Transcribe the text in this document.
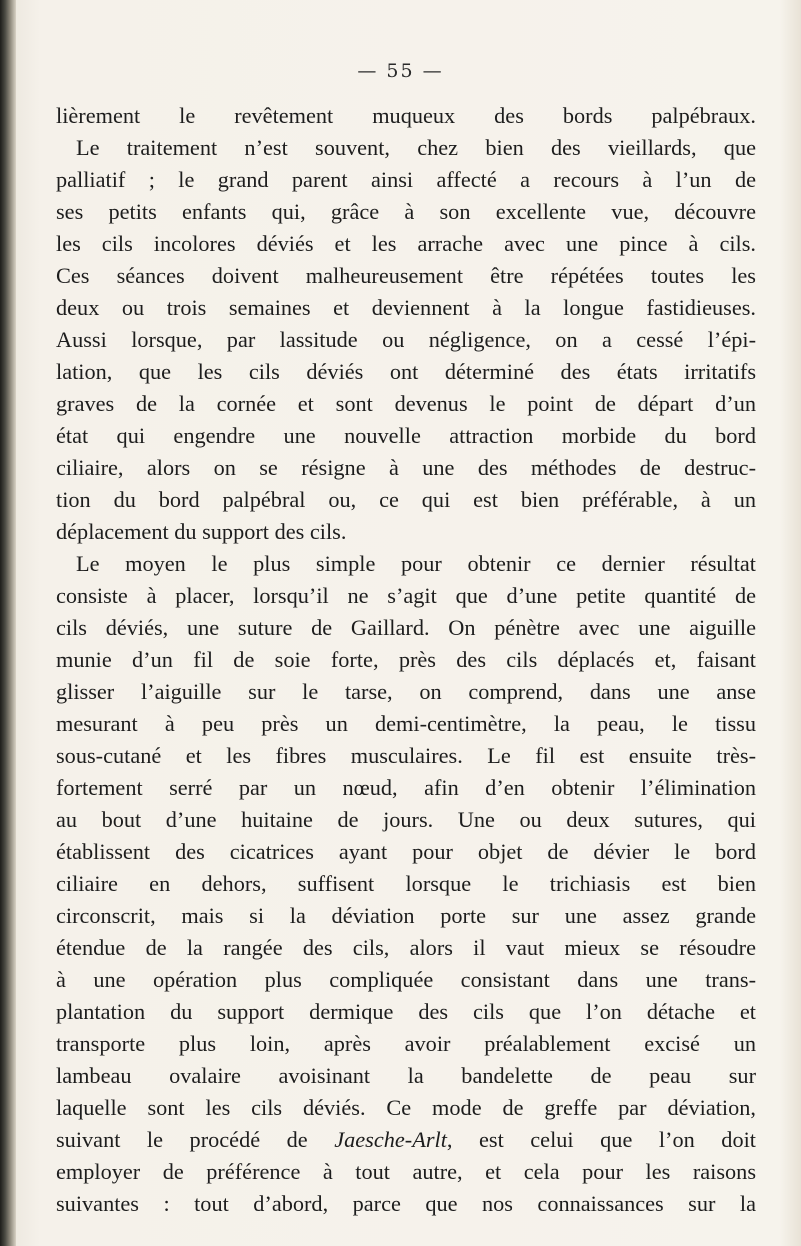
— 55 —
lièrement le revêtement muqueux des bords palpébraux.
Le traitement n’est souvent, chez bien des vieillards, que
palliatif ; le grand parent ainsi affecté a recours à l’un de
ses petits enfants qui, grâce à son excellente vue, découvre
les cils incolores déviés et les arrache avec une pince à cils.
Ces séances doivent malheureusement être répétées toutes les
deux ou trois semaines et deviennent à la longue fastidieuses.
Aussi lorsque, par lassitude ou négligence, on a cessé l’épi-
lation, que les cils déviés ont déterminé des états irritatifs
graves de la cornée et sont devenus le point de départ d’un
état qui engendre une nouvelle attraction morbide du bord
ciliaire, alors on se résigne à une des méthodes de destruc-
tion du bord palpébral ou, ce qui est bien préférable, à un
déplacement du support des cils.
Le moyen le plus simple pour obtenir ce dernier résultat
consiste à placer, lorsqu’il ne s’agit que d’une petite quantité de
cils déviés, une suture de Gaillard. On pénètre avec une aiguille
munie d’un fil de soie forte, près des cils déplacés et, faisant
glisser l’aiguille sur le tarse, on comprend, dans une anse
mesurant à peu près un demi-centimètre, la peau, le tissu
sous-cutané et les fibres musculaires. Le fil est ensuite très-
fortement serré par un nœud, afin d’en obtenir l’élimination
au bout d’une huitaine de jours. Une ou deux sutures, qui
établissent des cicatrices ayant pour objet de dévier le bord
ciliaire en dehors, suffisent lorsque le trichiasis est bien
circonscrit, mais si la déviation porte sur une assez grande
étendue de la rangée des cils, alors il vaut mieux se résoudre
à une opération plus compliquée consistant dans une trans-
plantation du support dermique des cils que l’on détache et
transporte plus loin, après avoir préalablement excisé un
lambeau ovalaire avoisinant la bandelette de peau sur
laquelle sont les cils déviés. Ce mode de greffe par déviation,
suivant le procédé de Jaesche-Arlt, est celui que l’on doit
employer de préférence à tout autre, et cela pour les raisons
suivantes : tout d’abord, parce que nos connaissances sur la
